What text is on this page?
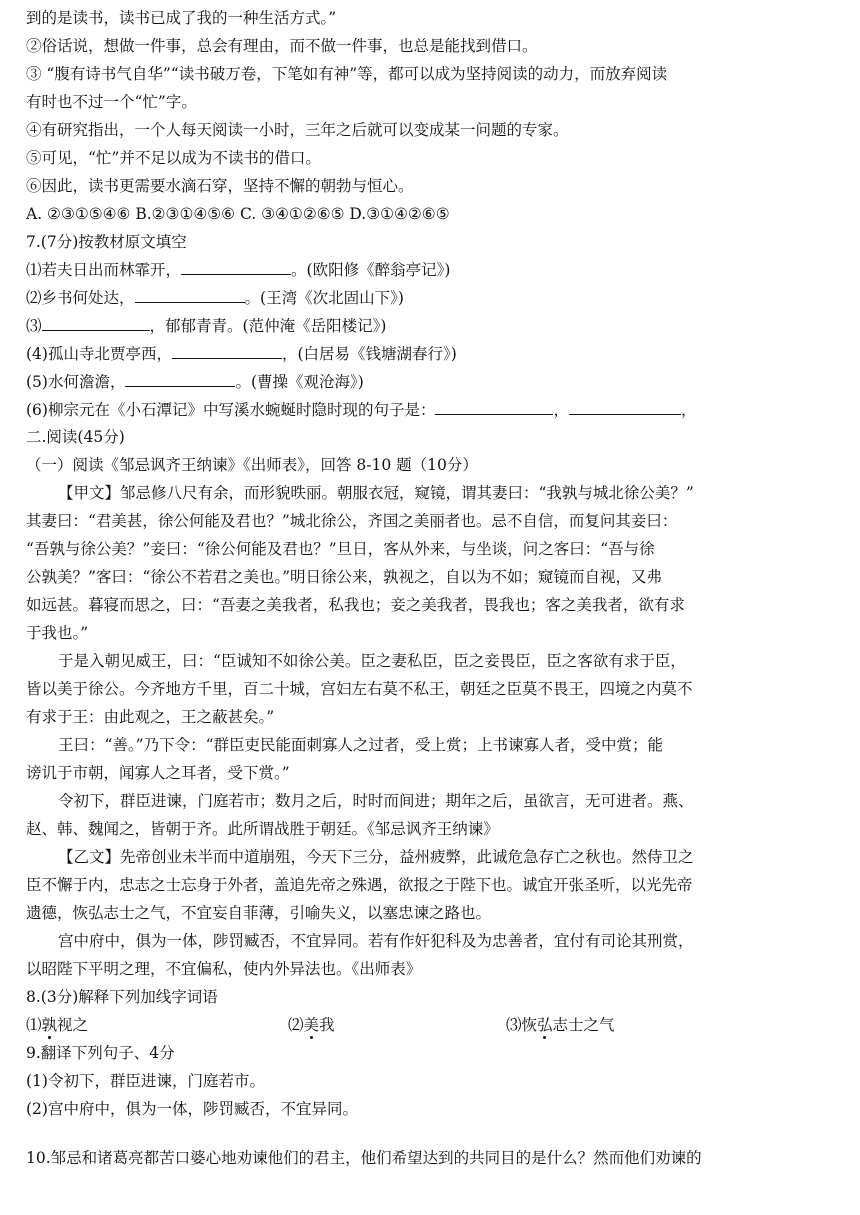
到的是读书，读书已成了我的一种生活方式。”
②俗话说，想做一件事，总会有理由，而不做一件事，也总是能找到借口。
③ “腹有诗书气自华”“读书破万卷，下笔如有神”等，都可以成为坚持阅读的动力，而放弃阅读
有时也不过一个“忙”字。
④有研究指出，一个人每天阅读一小时，三年之后就可以变成某一问题的专家。
⑤可见，“忙”并不足以成为不读书的借口。
⑥因此，读书更需要水滴石穿，坚持不懈的朝勃与恒心。
A. ②③①⑤④⑥ B.②③①④⑤⑥ C. ③④①②⑥⑤ D.③①④②⑥⑤
7.(7分)按教材原文填空
⑴若夫日出而林霏开，	。(欧阳修《醉翁亭记》)
⑵乡书何处达，	。(王湾《次北固山下》)
⑶	，郁郁青青。(范仲淹《岳阳楼记》)
(4)孤山寺北贾亭西，	，(白居易《钱塘湖春行》)
(5)水何澹澹，	。(曹操《观沧海》)
(6)柳宗元在《小石潭记》中写溪水蜿蜒时隐时现的句子是：	，	，
二.阅读(45分)
（一）阅读《邹忌讽齐王纳谏》《出师表》，回答 8-10 题（10分）
【甲文】邹忌修八尺有余，而形貌昳丽。朝服衣冠，窥镜，谓其妻曰：“我孰与城北徐公美？”
其妻曰：“君美甚，徐公何能及君也？”城北徐公，齐国之美丽者也。忌不自信，而复问其妾曰：
“吾孰与徐公美？”妾曰：“徐公何能及君也？”旦日，客从外来，与坐谈，问之客曰：“吾与徐
公孰美？”客曰：“徐公不若君之美也。”明日徐公来，孰视之，自以为不如；窥镜而自视，又弗
如远甚。暮寝而思之，曰：“吾妻之美我者，私我也；妾之美我者，畏我也；客之美我者，欲有求
于我也。”
于是入朝见威王，曰：“臣诚知不如徐公美。臣之妻私臣，臣之妾畏臣，臣之客欲有求于臣，
皆以美于徐公。今齐地方千里，百二十城，宫妇左右莫不私王，朝廷之臣莫不畏王，四境之内莫不
有求于王：由此观之，王之蔽甚矣。”
王曰：“善。”乃下令：“群臣吏民能面刺寡人之过者，受上赏；上书谏寡人者，受中赏；能
谤讥于市朝，闻寡人之耳者，受下赏。”
令初下，群臣进谏，门庭若市；数月之后，时时而间进；期年之后，虽欲言，无可进者。燕、
赵、韩、魏闻之，皆朝于齐。此所谓战胜于朝廷。《邹忌讽齐王纳谏》
【乙文】先帝创业未半而中道崩殂，今天下三分，益州疲弊，此诚危急存亡之秋也。然侍卫之
臣不懈于内，忠志之士忘身于外者，盖追先帝之殊遇，欲报之于陛下也。诚宜开张圣听，以光先帝
遗德，恢弘志士之气，不宜妄自菲薄，引喻失义，以塞忠谏之路也。
宫中府中，俱为一体，陟罚臧否，不宜异同。若有作奸犯科及为忠善者，宜付有司论其刑赏，
以昭陛下平明之理，不宜偏私，使内外异法也。《出师表》
8.(3分)解释下列加线字词语
⑴孰视之	⑵美我	⑶恢弘志士之气
9.翻译下列句子、4分
(1)令初下，群臣进谏，门庭若市。
(2)宫中府中，俱为一体，陟罚臧否，不宜异同。
10.邹忌和诸葛亮都苦口婆心地劝谏他们的君主，他们希望达到的共同目的是什么？然而他们劝谏的
